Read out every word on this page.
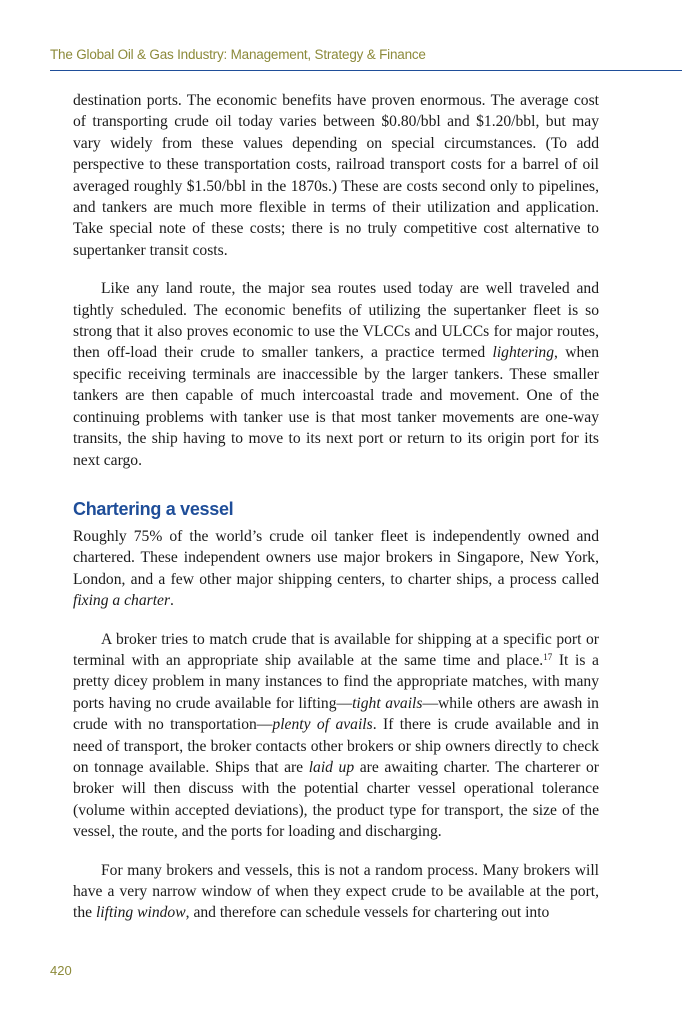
The Global Oil & Gas Industry: Management, Strategy & Finance

destination ports. The economic benefits have proven enormous. The average cost of transporting crude oil today varies between $0.80/bbl and $1.20/bbl, but may vary widely from these values depending on special circumstances. (To add perspective to these transportation costs, railroad transport costs for a barrel of oil averaged roughly $1.50/bbl in the 1870s.) These are costs second only to pipelines, and tankers are much more flexible in terms of their utilization and application. Take special note of these costs; there is no truly competitive cost alternative to supertanker transit costs.

Like any land route, the major sea routes used today are well traveled and tightly scheduled. The economic benefits of utilizing the supertanker fleet is so strong that it also proves economic to use the VLCCs and ULCCs for major routes, then off-load their crude to smaller tankers, a practice termed lightering, when specific receiving terminals are inaccessible by the larger tankers. These smaller tankers are then capable of much intercoastal trade and movement. One of the continuing problems with tanker use is that most tanker movements are one-way transits, the ship having to move to its next port or return to its origin port for its next cargo.

Chartering a vessel

Roughly 75% of the world’s crude oil tanker fleet is independently owned and chartered. These independent owners use major brokers in Singapore, New York, London, and a few other major shipping centers, to charter ships, a process called fixing a charter.

A broker tries to match crude that is available for shipping at a specific port or terminal with an appropriate ship available at the same time and place.$^{17}$ It is a pretty dicey problem in many instances to find the appropriate matches, with many ports having no crude available for lifting—tight avails—while others are awash in crude with no transportation—plenty of avails. If there is crude available and in need of transport, the broker contacts other brokers or ship owners directly to check on tonnage available. Ships that are laid up are awaiting charter. The charterer or broker will then discuss with the potential charter vessel operational tolerance (volume within accepted deviations), the product type for transport, the size of the vessel, the route, and the ports for loading and discharging.

For many brokers and vessels, this is not a random process. Many brokers will have a very narrow window of when they expect crude to be available at the port, the lifting window, and therefore can schedule vessels for chartering out into

420
